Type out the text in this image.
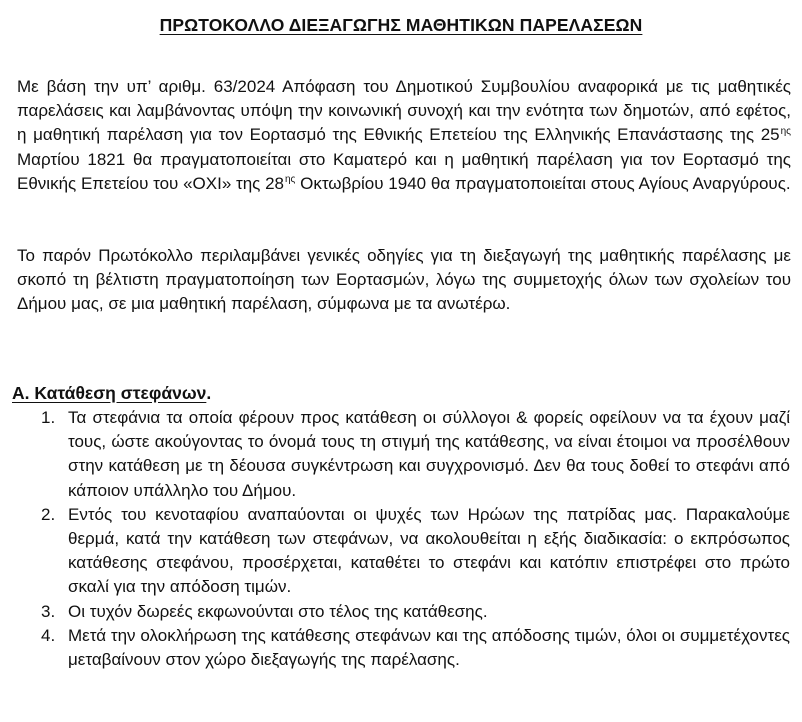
ΠΡΩΤΟΚΟΛΛΟ ΔΙΕΞΑΓΩΓΗΣ ΜΑΘΗΤΙΚΩΝ ΠΑΡΕΛΑΣΕΩΝ

Με βάση την υπ’ αριθμ. 63/2024 Απόφαση του Δημοτικού Συμβουλίου αναφορικά με τις μαθητικές παρελάσεις και λαμβάνοντας υπόψη την κοινωνική συνοχή και την ενότητα των δημοτών, από εφέτος, η μαθητική παρέλαση για τον Εορτασμό της Εθνικής Επετείου της Ελληνικής Επανάστασης της $25^{\eta\varsigma}$ Μαρτίου 1821 θα πραγματοποιείται στο Καματερό και η μαθητική παρέλαση για τον Εορτασμό της Εθνικής Επετείου του «ΟΧΙ» της $28^{\eta\varsigma}$ Οκτωβρίου 1940 θα πραγματοποιείται στους Αγίους Αναργύρους.

Το παρόν Πρωτόκολλο περιλαμβάνει γενικές οδηγίες για τη διεξαγωγή της μαθητικής παρέλασης με σκοπό τη βέλτιστη πραγματοποίηση των Εορτασμών, λόγω της συμμετοχής όλων των σχολείων του Δήμου μας, σε μια μαθητική παρέλαση, σύμφωνα με τα ανωτέρω.

Α. Κατάθεση στεφάνων.
1. Τα στεφάνια τα οποία φέρουν προς κατάθεση οι σύλλογοι & φορείς οφείλουν να τα έχουν μαζί τους, ώστε ακούγοντας το όνομά τους τη στιγμή της κατάθεσης, να είναι έτοιμοι να προσέλθουν στην κατάθεση με τη δέουσα συγκέντρωση και συγχρονισμό. Δεν θα τους δοθεί το στεφάνι από κάποιον υπάλληλο του Δήμου.
2. Εντός του κενοταφίου αναπαύονται οι ψυχές των Ηρώων της πατρίδας μας. Παρακαλούμε θερμά, κατά την κατάθεση των στεφάνων, να ακολουθείται η εξής διαδικασία: ο εκπρόσωπος κατάθεσης στεφάνου, προσέρχεται, καταθέτει το στεφάνι και κατόπιν επιστρέφει στο πρώτο σκαλί για την απόδοση τιμών.
3. Οι τυχόν δωρεές εκφωνούνται στο τέλος της κατάθεσης.
4. Μετά την ολοκλήρωση της κατάθεσης στεφάνων και της απόδοσης τιμών, όλοι οι συμμετέχοντες μεταβαίνουν στον χώρο διεξαγωγής της παρέλασης.
